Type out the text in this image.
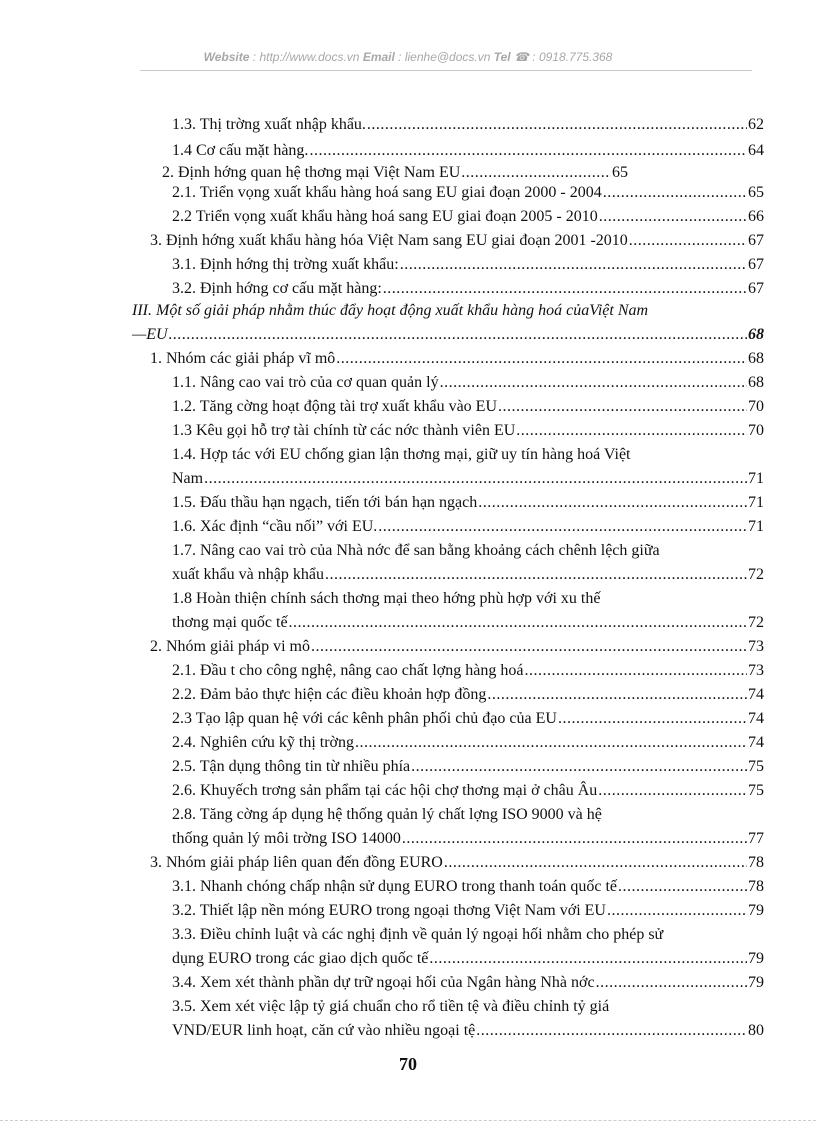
Website : http://www.docs.vn Email : lienhe@docs.vn Tel ☎ : 0918.775.368
1.3. Thị trờng xuất nhập khẩu. .....	62
1.4 Cơ cấu mặt hàng. .....	64
2. Định hớng quan hệ thơng mại Việt Nam EU .....	65
2.1. Triển vọng xuất khẩu hàng hoá sang EU giai đoạn 2000 - 2004 .....	65
2.2 Triển vọng xuất khẩu hàng hoá sang EU giai đoạn 2005 - 2010 .....	66
3. Định hớng xuất khẩu hàng hóa Việt Nam sang EU giai đoạn 2001 -2010 .....	67
3.1. Định hớng thị trờng xuất khẩu: .....	67
3.2. Định hớng cơ cấu mặt hàng: .....	67
III. Một số giải pháp nhằm thúc đẩy hoạt động xuất khẩu hàng hoá củaViệt Nam
—EU .....	68
1. Nhóm các giải pháp vĩ mô .....	68
1.1. Nâng cao vai trò của cơ quan quản lý .....	68
1.2. Tăng cờng hoạt động tài trợ xuất khẩu vào EU .....	70
1.3 Kêu gọi hỗ trợ tài chính từ các nớc thành viên EU .....	70
1.4. Hợp tác với EU chống gian lận thơng mại, giữ uy tín hàng hoá Việt
Nam .....	71
1.5. Đấu thầu hạn ngạch, tiến tới bán hạn ngạch .....	71
1.6. Xác định “cầu nối” với EU. .....	71
1.7. Nâng cao vai trò của Nhà nớc để san bằng khoảng cách chênh lệch giữa
xuất khẩu và nhập khẩu .....	72
1.8 Hoàn thiện chính sách thơng mại theo hớng phù hợp với xu thế
thơng mại quốc tế .....	72
2. Nhóm giải pháp vi mô .....	73
2.1. Đầu t cho công nghệ, nâng cao chất lợng hàng hoá .....	73
2.2. Đảm bảo thực hiện các điều khoản hợp đồng .....	74
2.3 Tạo lập quan hệ với các kênh phân phối chủ đạo của EU .....	74
2.4. Nghiên cứu kỹ thị trờng .....	74
2.5. Tận dụng thông tin từ nhiều phía .....	75
2.6. Khuyếch trơng sản phẩm tại các hội chợ thơng mại ở châu Âu .....	75
2.8. Tăng cờng áp dụng hệ thống quản lý chất lợng ISO 9000 và hệ
thống quản lý môi trờng ISO 14000 .....	77
3. Nhóm giải pháp liên quan đến đồng EURO .....	78
3.1. Nhanh chóng chấp nhận sử dụng EURO trong thanh toán quốc tế .....	78
3.2. Thiết lập nền móng EURO trong ngoại thơng Việt Nam với EU .....	79
3.3. Điều chỉnh luật và các nghị định về quản lý ngoại hối nhằm cho phép sử
dụng EURO trong các giao dịch quốc tế .....	79
3.4. Xem xét thành phần dự trữ ngoại hối của Ngân hàng Nhà nớc .....	79
3.5. Xem xét việc lập tỷ giá chuẩn cho rổ tiền tệ và điều chỉnh tỷ giá
VND/EUR linh hoạt, căn cứ vào nhiều ngoại tệ .....	80
70
